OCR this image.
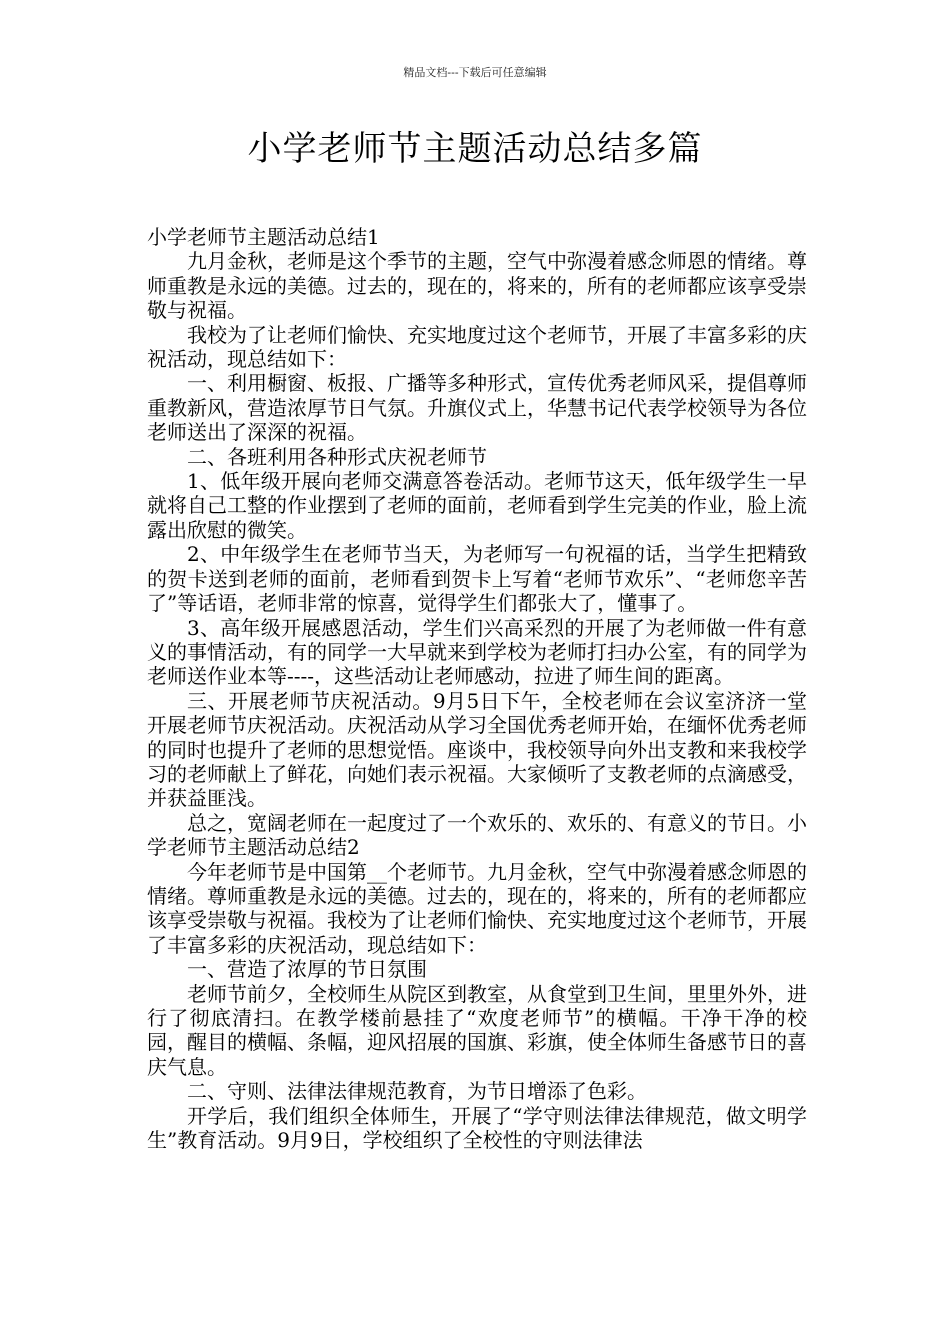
精品文档---下载后可任意编辑
小学老师节主题活动总结多篇

小学老师节主题活动总结1

九月金秋，老师是这个季节的主题，空气中弥漫着感念师恩的情绪。尊师重教是永远的美德。过去的，现在的，将来的，所有的老师都应该享受崇敬与祝福。

我校为了让老师们愉快、充实地度过这个老师节，开展了丰富多彩的庆祝活动，现总结如下：

一、利用橱窗、板报、广播等多种形式，宣传优秀老师风采，提倡尊师重教新风，营造浓厚节日气氛。升旗仪式上，华慧书记代表学校领导为各位老师送出了深深的祝福。

二、各班利用各种形式庆祝老师节

1、低年级开展向老师交满意答卷活动。老师节这天，低年级学生一早就将自己工整的作业摆到了老师的面前，老师看到学生完美的作业，脸上流露出欣慰的微笑。

2、中年级学生在老师节当天，为老师写一句祝福的话，当学生把精致的贺卡送到老师的面前，老师看到贺卡上写着“老师节欢乐”、“老师您辛苦了”等话语，老师非常的惊喜，觉得学生们都张大了，懂事了。

3、高年级开展感恩活动，学生们兴高采烈的开展了为老师做一件有意义的事情活动，有的同学一大早就来到学校为老师打扫办公室，有的同学为老师送作业本等----，这些活动让老师感动，拉进了师生间的距离。

三、开展老师节庆祝活动。9月5日下午，全校老师在会议室济济一堂开展老师节庆祝活动。庆祝活动从学习全国优秀老师开始，在缅怀优秀老师的同时也提升了老师的思想觉悟。座谈中，我校领导向外出支教和来我校学习的老师献上了鲜花，向她们表示祝福。大家倾听了支教老师的点滴感受，并获益匪浅。

总之，宽阔老师在一起度过了一个欢乐的、欢乐的、有意义的节日。小学老师节主题活动总结2

今年老师节是中国第__个老师节。九月金秋，空气中弥漫着感念师恩的情绪。尊师重教是永远的美德。过去的，现在的，将来的，所有的老师都应该享受崇敬与祝福。我校为了让老师们愉快、充实地度过这个老师节，开展了丰富多彩的庆祝活动，现总结如下：

一、营造了浓厚的节日氛围

老师节前夕，全校师生从院区到教室，从食堂到卫生间，里里外外，进行了彻底清扫。在教学楼前悬挂了“欢度老师节”的横幅。干净干净的校园，醒目的横幅、条幅，迎风招展的国旗、彩旗，使全体师生备感节日的喜庆气息。

二、守则、法律法律规范教育，为节日增添了色彩。

开学后，我们组织全体师生，开展了“学守则法律法律规范，做文明学生”教育活动。9月9日，学校组织了全校性的守则法律法
